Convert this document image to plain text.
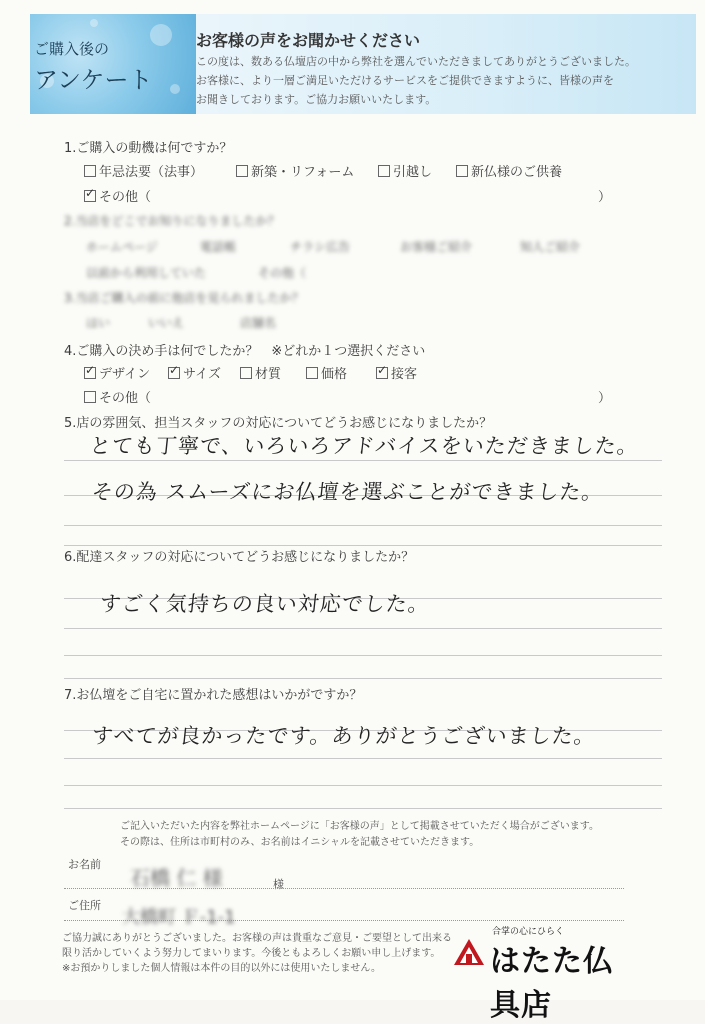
ご購入後の
アンケート
お客様の声をお聞かせください
この度は、数ある仏壇店の中から弊社を選んでいただきましてありがとうございました。
お客様に、より一層ご満足いただけるサービスをご提供できますように、皆様の声を
お聞きしております。ご協力お願いいたします。
1.ご購入の動機は何ですか？
年忌法要（法事）	新築・リフォーム	引越し	新仏様のご供養
✓その他（	）
2.当店をどこでお知りになりましたか？
ホームページ	電話帳	チラシ広告	お客様ご紹介	知人ご紹介
以前から利用していた	その他（
3.当店ご購入の前に他店を見られましたか？
はい	いいえ	店舗名
4.ご購入の決め手は何でしたか？　※どれか１つ選択ください
✓デザイン ✓	サイズ	材質	価格 ✓	接客
その他（	）
5.店の雰囲気、担当スタッフの対応についてどうお感じになりましたか？
とても丁寧で、いろいろアドバイスをいただきました。
その為 スムーズにお仏壇を選ぶことができました。
6.配達スタッフの対応についてどうお感じになりましたか？
すごく気持ちの良い対応でした。
7.お仏壇をご自宅に置かれた感想はいかがですか？
すべてが良かったです。ありがとうございました。
ご記入いただいた内容を弊社ホームページに「お客様の声」として掲載させていただく場合がございます。
その際は、住所は市町村のみ、お名前はイニシャルを記載させていただきます。
お名前
石橋 仁 様	様
ご住所
大橋町 Ｆ-1-1
ご協力誠にありがとうございました。お客様の声は貴重なご意見・ご要望として出来る
限り活かしていくよう努力してまいります。今後ともよろしくお願い申し上げます。
※お預かりしました個人情報は本件の目的以外には使用いたしません。
合掌の心にひらく
はたた仏具店
